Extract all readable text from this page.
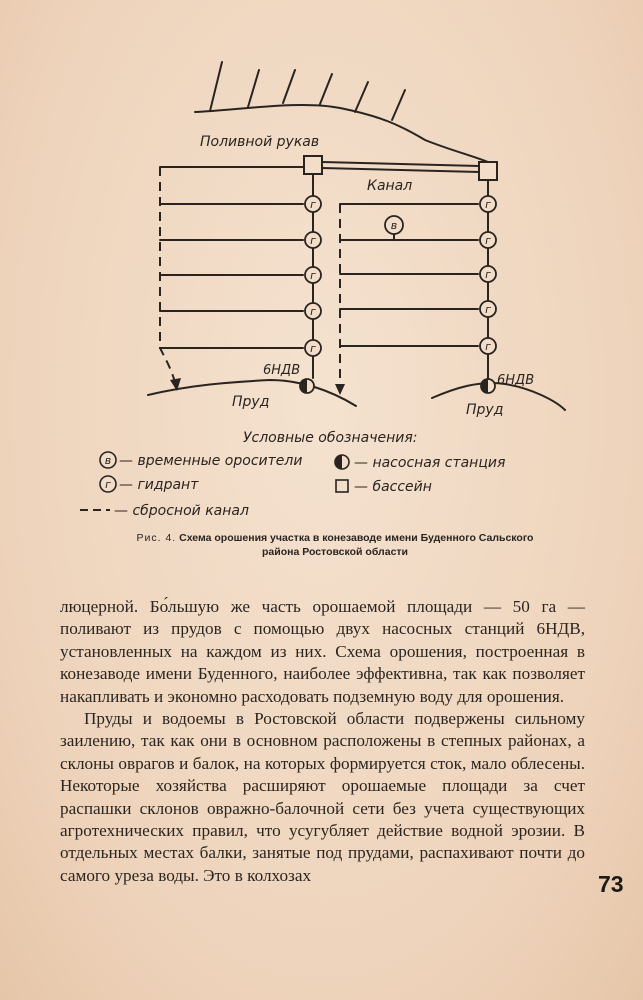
г
г
г
г
г
г
г
г
г
г
в
Поливной рукав
Канал
6НДВ
6НДВ
Пруд	Пруд
Условные обозначения:
в
г
— временные оросители
— гидрант
— сбросной канал
— насосная станция
— бассейн
Рис. 4. Схема орошения участка в конезаводе имени Буденного Сальского района Ростовской области

люцерной. Бо́льшую же часть орошаемой площади — 50 га — поливают из прудов с помощью двух насосных станций 6НДВ, установленных на каждом из них. Схема орошения, построенная в конезаводе имени Буденного, наиболее эффективна, так как позволяет накапливать и экономно расходовать подземную воду для орошения.

Пруды и водоемы в Ростовской области подвержены сильному заилению, так как они в основном расположены в степных районах, а склоны оврагов и балок, на которых формируется сток, мало облесены. Некоторые хозяйства расширяют орошаемые площади за счет распашки склонов овражно-балочной сети без учета существующих агротехнических правил, что усугубляет действие водной эрозии. В отдельных местах балки, занятые под прудами, распахивают почти до самого уреза воды. Это в колхозах	73
